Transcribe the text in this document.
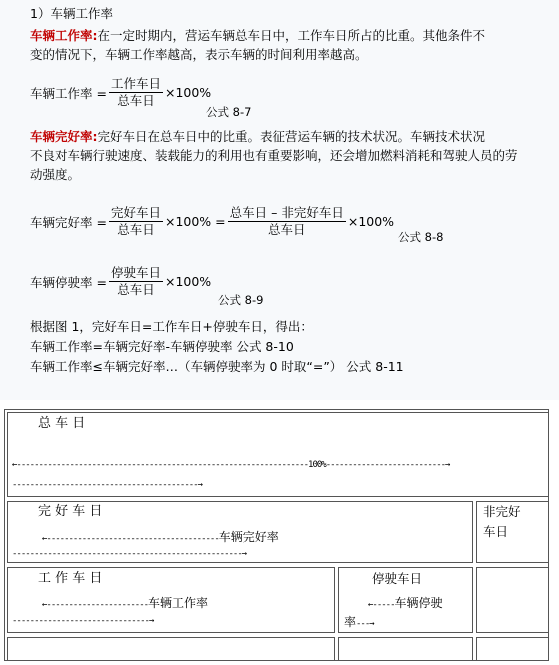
1）车辆工作率
车辆工作率:在一定时期内，营运车辆总车日中，工作车日所占的比重。其他条件不
变的情况下，车辆工作率越高，表示车辆的时间利用率越高。
车辆工作率 = $\frac{\text{工作车日}}{\text{总车日}} \times 100\%$
公式 8-7
车辆完好率:完好车日在总车日中的比重。表征营运车辆的技术状况。车辆技术状况
不良对车辆行驶速度、装载能力的利用也有重要影响，还会增加燃料消耗和驾驶人员的劳
动强度。
车辆完好率 = $\frac{\text{完好车日}}{\text{总车日}} \times 100\% = \frac{\text{总车日 – 非完好车日}}{\text{总车日}} \times 100\%$
公式 8-8
车辆停驶率 = $\frac{\text{停驶车日}}{\text{总车日}} \times 100\%$
公式 8-9
根据图 1，完好车日=工作车日+停驶车日，得出：
车辆工作率=车辆完好率-车辆停驶率 公式 8-10
车辆工作率≤车辆完好率…（车辆停驶率为 0 时取“=”） 公式 8-11
总 车 日
←------------------------------------------------------------------100%---------------------------→
------------------------------------------→
完 好 车 日
←---------------------------------------车辆完好率
----------------------------------------------------→
非完好
车日
工 作 车 日
←-----------------------车辆工作率
-------------------------------→
停驶车日
←-----车辆停驶
率---→
